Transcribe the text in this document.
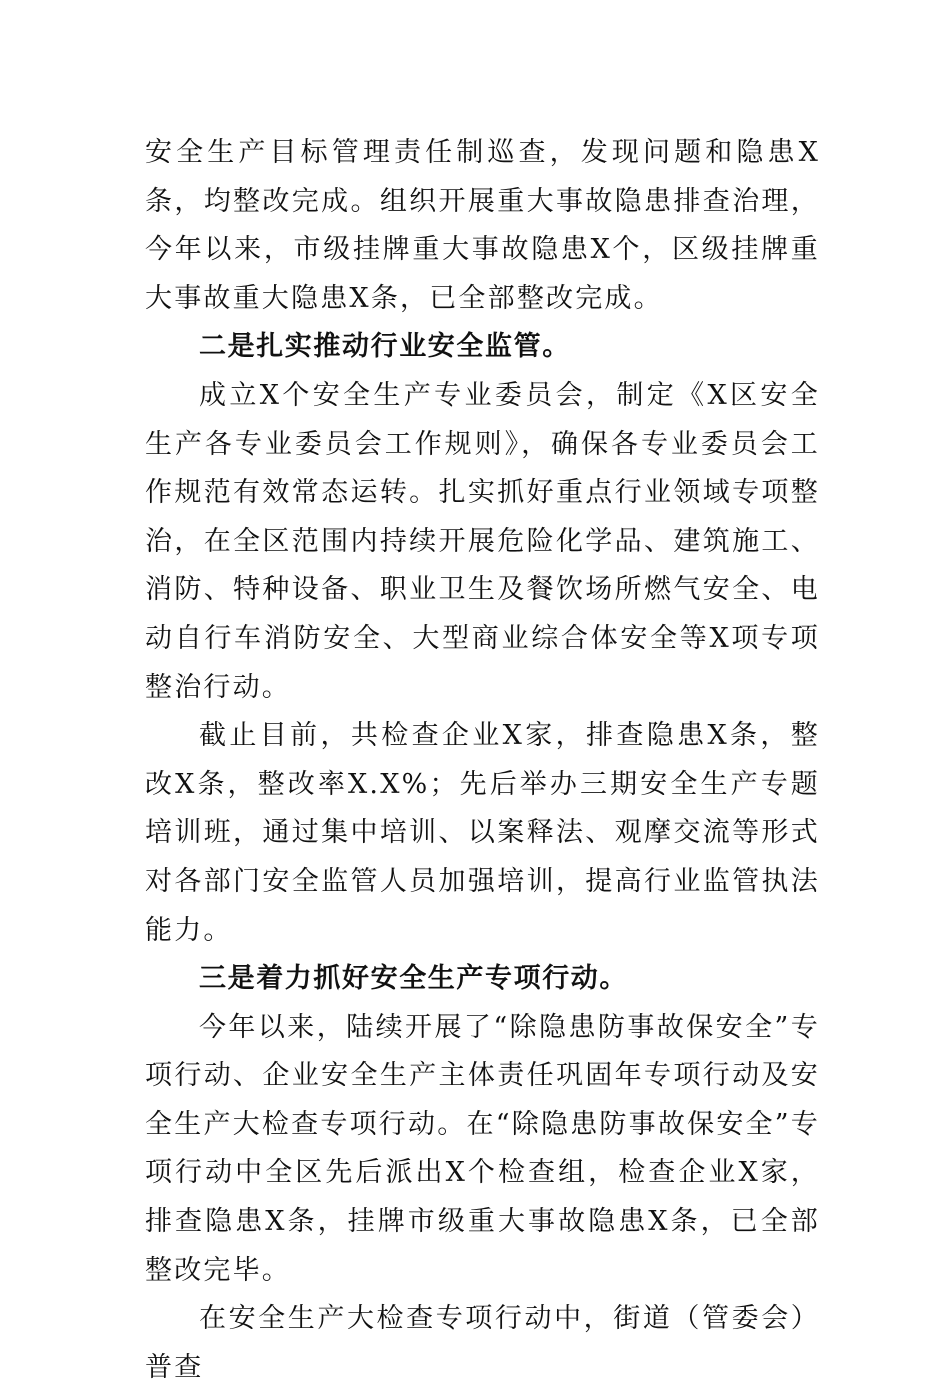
安全生产目标管理责任制巡查，发现问题和隐患X条，均整改完成。组织开展重大事故隐患排查治理，今年以来，市级挂牌重大事故隐患X个，区级挂牌重大事故重大隐患X条，已全部整改完成。

二是扎实推动行业安全监管。

成立X个安全生产专业委员会，制定《X区安全生产各专业委员会工作规则》，确保各专业委员会工作规范有效常态运转。扎实抓好重点行业领域专项整治，在全区范围内持续开展危险化学品、建筑施工、消防、特种设备、职业卫生及餐饮场所燃气安全、电动自行车消防安全、大型商业综合体安全等X项专项整治行动。

截止目前，共检查企业X家，排查隐患X条，整改X条，整改率X.X%；先后举办三期安全生产专题培训班，通过集中培训、以案释法、观摩交流等形式对各部门安全监管人员加强培训，提高行业监管执法能力。

三是着力抓好安全生产专项行动。

今年以来，陆续开展了“除隐患防事故保安全”专项行动、企业安全生产主体责任巩固年专项行动及安全生产大检查专项行动。在“除隐患防事故保安全”专项行动中全区先后派出X个检查组，检查企业X家，排查隐患X条，挂牌市级重大事故隐患X条，已全部整改完毕。

在安全生产大检查专项行动中，街道（管委会）普查
